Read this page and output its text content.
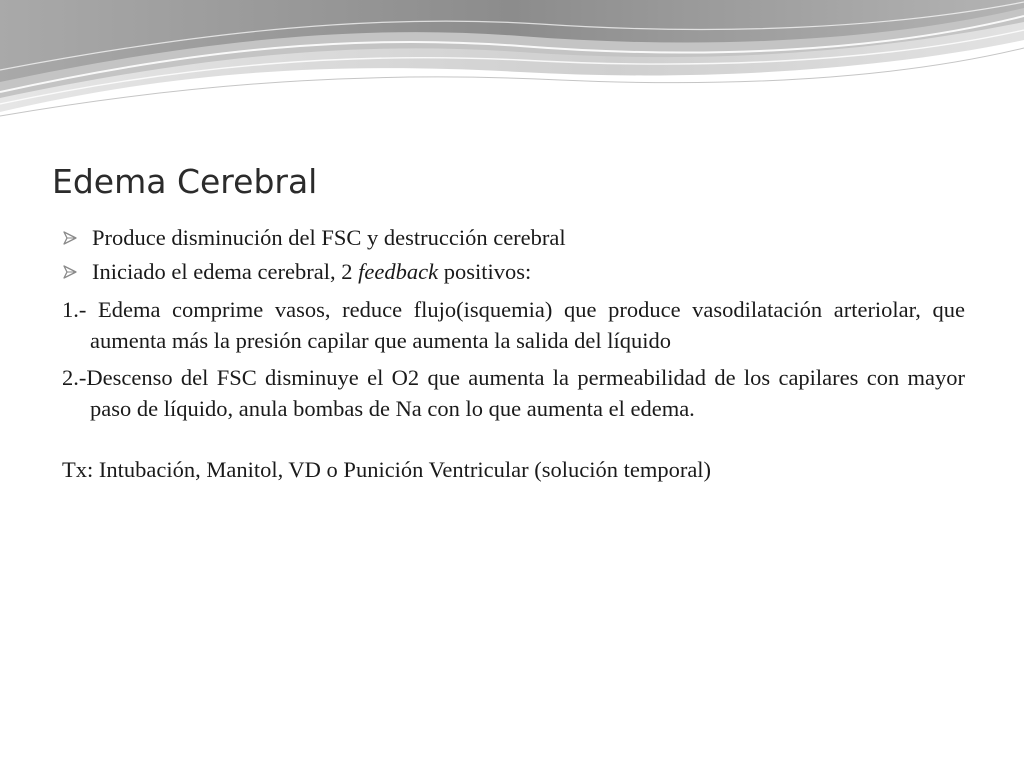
Edema Cerebral
Produce disminución del FSC y destrucción cerebral
Iniciado el edema cerebral, 2 feedback positivos:
1.- Edema comprime vasos, reduce flujo(isquemia) que produce vasodilatación arteriolar, que aumenta más la presión capilar que aumenta la salida del líquido
2.-Descenso del FSC disminuye el O2 que aumenta la permeabilidad de los capilares con mayor paso de líquido, anula bombas de Na con lo que aumenta el edema.
Tx: Intubación, Manitol, VD o Punición Ventricular (solución temporal)
